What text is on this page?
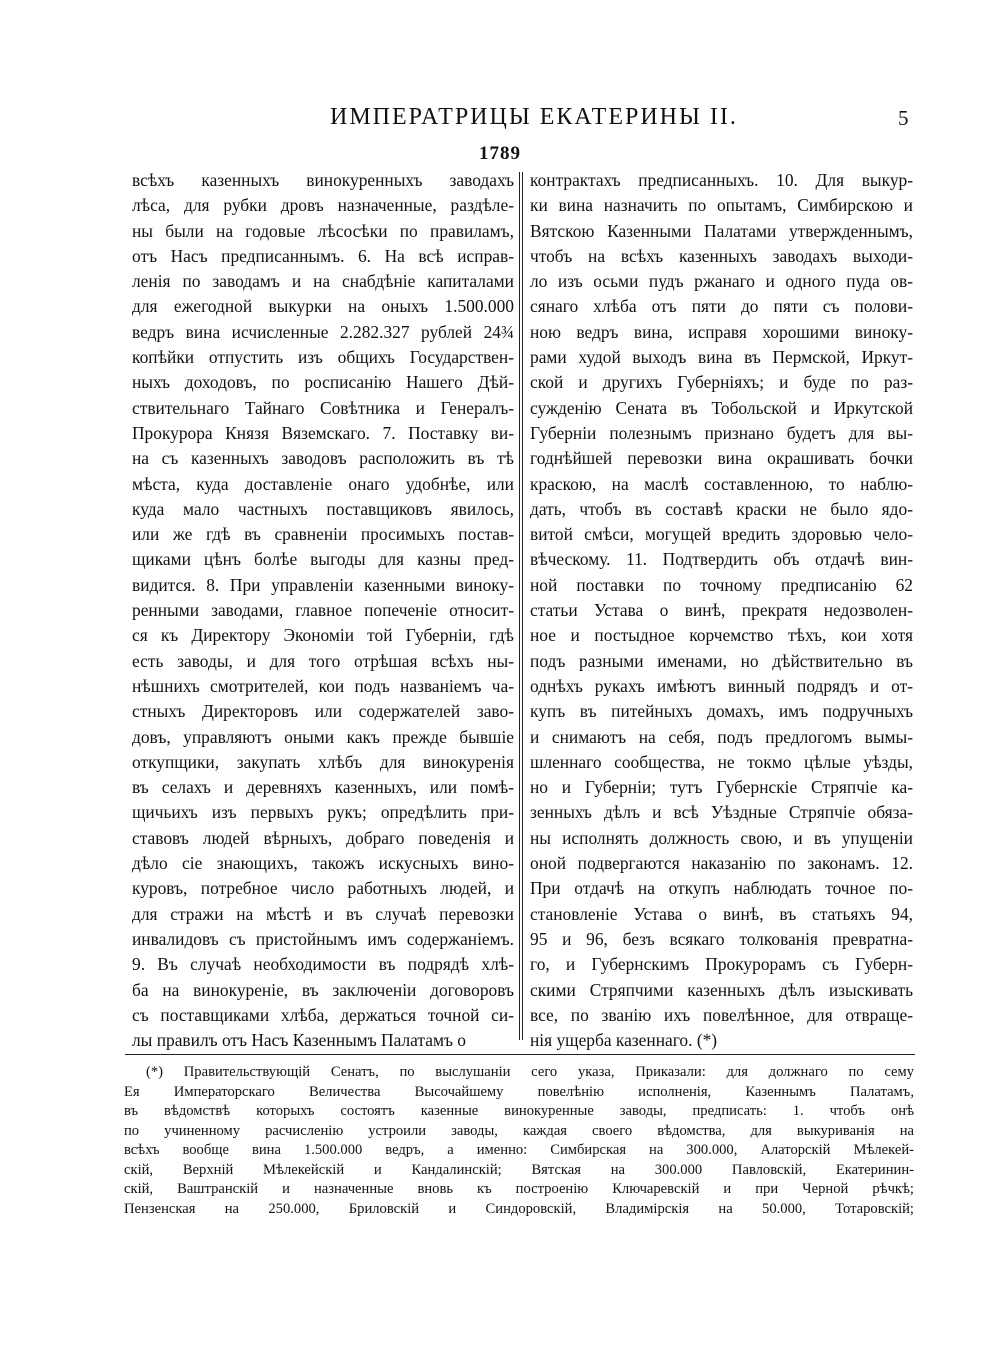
ИМПЕРАТРИЦЫ ЕКАТЕРИНЫ II.	5
1789
всѣхъ казенныхъ винокуренныхъ заводахъ
лѣса, для рубки дровъ назначенные, раздѣле-
ны были на годовые лѣсосѣки по правиламъ,
отъ Насъ предписаннымъ. 6. На всѣ исправ-
ленія по заводамъ и на снабдѣніе капиталами
для ежегодной выкурки на оныхъ 1.500.000
ведръ вина исчисленные 2.282.327 рублей 24¾
копѣйки отпустить изъ общихъ Государствен-
ныхъ доходовъ, по росписанію Нашего Дѣй-
ствительнаго Тайнаго Совѣтника и Генералъ-
Прокурора Князя Вяземскаго. 7. Поставку ви-
на съ казенныхъ заводовъ расположить въ тѣ
мѣста, куда доставленіе онаго удобнѣе, или
куда мало частныхъ поставщиковъ явилось,
или же гдѣ въ сравненіи просимыхъ постав-
щиками цѣнъ болѣе выгоды для казны пред-
видится. 8. При управленіи казенными виноку-
ренными заводами, главное попеченіе относит-
ся къ Директору Экономіи той Губерніи, гдѣ
есть заводы, и для того отрѣшая всѣхъ ны-
нѣшнихъ смотрителей, кои подъ названіемъ ча-
стныхъ Директоровъ или содержателей заво-
довъ, управляютъ оными какъ прежде бывшіе
откупщики, закупать хлѣбъ для винокуренія
въ селахъ и деревняхъ казенныхъ, или помѣ-
щичьихъ изъ первыхъ рукъ; опредѣлить при-
ставовъ людей вѣрныхъ, добраго поведенія и
дѣло сіе знающихъ, такожъ искусныхъ вино-
куровъ, потребное число работныхъ людей, и
для стражи на мѣстѣ и въ случаѣ перевозки
инвалидовъ съ пристойнымъ имъ содержаніемъ.
9. Въ случаѣ необходимости въ подрядѣ хлѣ-
ба на винокуреніе, въ заключеніи договоровъ
съ поставщиками хлѣба, держаться точной си-
лы правилъ отъ Насъ Казеннымъ Палатамъ о
контрактахъ предписанныхъ. 10. Для выкур-
ки вина назначить по опытамъ, Симбирскою и
Вятскою Казенными Палатами утвержденнымъ,
чтобъ на всѣхъ казенныхъ заводахъ выходи-
ло изъ осьми пудъ ржанаго и одного пуда ов-
сянаго хлѣба отъ пяти до пяти съ полови-
ною ведръ вина, исправя хорошими виноку-
рами худой выходъ вина въ Пермской, Иркут-
ской и другихъ Губерніяхъ; и буде по раз-
сужденію Сената въ Тобольской и Иркутской
Губерніи полезнымъ признано будетъ для вы-
годнѣйшей перевозки вина окрашивать бочки
краскою, на маслѣ составленною, то наблю-
дать, чтобъ въ составѣ краски не было ядо-
витой смѣси, могущей вредить здоровью чело-
вѣческому. 11. Подтвердить объ отдачѣ вин-
ной поставки по точному предписанію 62
статьи Устава о винѣ, прекратя недозволен-
ное и постыдное корчемство тѣхъ, кои хотя
подъ разными именами, но дѣйствительно въ
однѣхъ рукахъ имѣютъ винный подрядъ и от-
купъ въ питейныхъ домахъ, имъ подручныхъ
и снимаютъ на себя, подъ предлогомъ вымы-
шленнаго сообщества, не токмо цѣлые уѣзды,
но и Губерніи; тутъ Губернскіе Стряпчіе ка-
зенныхъ дѣлъ и всѣ Уѣздные Стряпчіе обяза-
ны исполнять должность свою, и въ упущеніи
оной подвергаются наказанію по законамъ. 12.
При отдачѣ на откупъ наблюдать точное по-
становленіе Устава о винѣ, въ статьяхъ 94,
95 и 96, безъ всякаго толкованія превратна-
го, и Губернскимъ Прокурорамъ съ Губерн-
скими Стряпчими казенныхъ дѣлъ изыскивать
все, по званію ихъ повелѣнное, для отвраще-
нія ущерба казеннаго. (*)
(*) Правительствующій Сенатъ, по выслушаніи сего указа, Приказали: для должнаго по сему
Ея Императорскаго Величества Высочайшему повелѣнію исполненія, Казеннымъ Палатамъ,
въ вѣдомствѣ которыхъ состоятъ казенные винокуренные заводы, предписать: 1. чтобъ онѣ
по учиненному расчисленію устроили заводы, каждая своего вѣдомства, для выкуриванія на
всѣхъ вообще вина 1.500.000 ведръ, а именно: Симбирская на 300.000, Алаторскій Мѣлекей-
скій, Верхній Мѣлекейскій и Кандалинскій; Вятская на 300.000 Павловскій, Екатеринин-
скій, Ваштранскій и назначенные вновь къ построенію Ключаревскій и при Черной рѣчкѣ;
Пензенская на 250.000, Бриловскій и Синдоровскій, Владимірскія на 50.000, Тотаровскій;
